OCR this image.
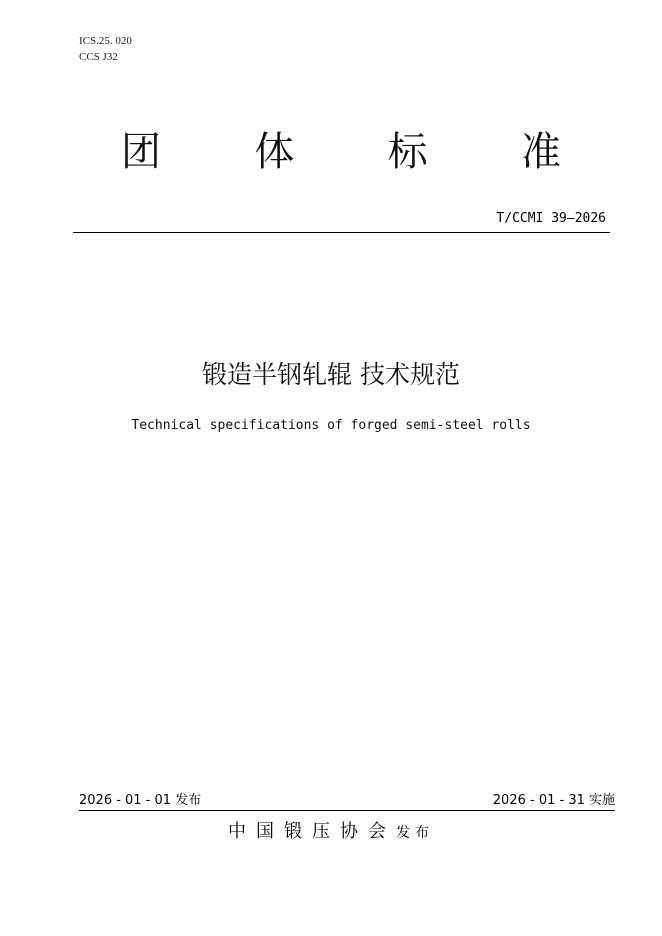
ICS.25. 020
CCS J32
团 体 标 准
T/CCMI 39—2026
锻造半钢轧辊 技术规范
Technical specifications of forged semi-steel rolls
2026 - 01 - 01 发布	2026 - 01 - 31 实施
中国锻压协会发布
